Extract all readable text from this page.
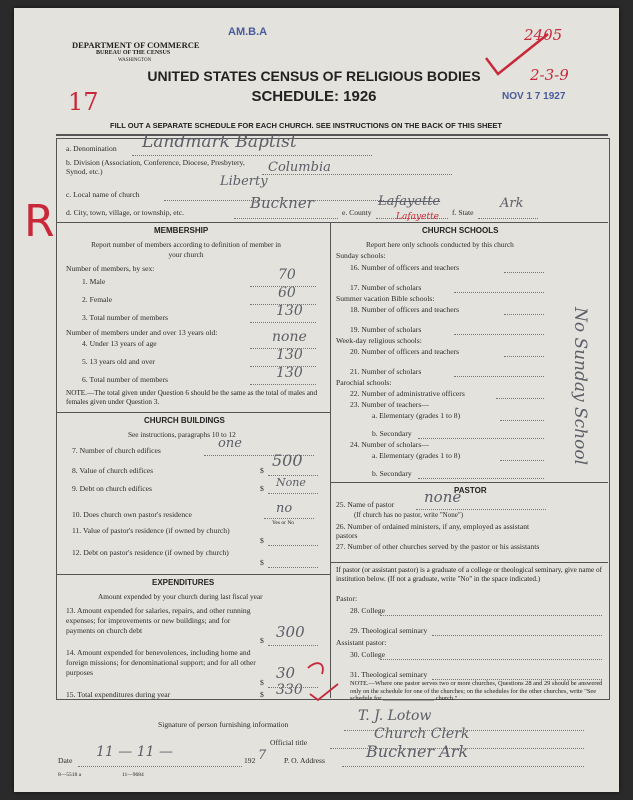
DEPARTMENT OF COMMERCE
BUREAU OF THE CENSUS
WASHINGTON
AM.B.A
NOV 1 7 1927
UNITED STATES CENSUS OF RELIGIOUS BODIES
SCHEDULE: 1926
FILL OUT A SEPARATE SCHEDULE FOR EACH CHURCH. SEE INSTRUCTIONS ON THE BACK OF THIS SHEET
17
R
2405
2-3-9
a. Denomination Landmark Baptist
b. Division (Association, Conference, Diocese, Presbytery, Synod, etc.)	Columbia
c. Local name of church
Liberty
d. City, town, village, or township, etc.
Buckner
e. County
Lafayette
Lafayette f. State
Ark
MEMBERSHIP
Report number of members according to definition of member in your church
Number of members, by sex:
1. Male	70
2. Female	60
3. Total number of members	130
Number of members under and over 13 years old:
4. Under 13 years of age	none
5. 13 years old and over	130
6. Total number of members	130
NOTE.—The total given under Question 6 should be the same as the total of males and females given under Question 3.
CHURCH BUILDINGS
See instructions, paragraphs 10 to 12
7. Number of church edifices	one
8. Value of church edifices	$
500
9. Debt on church edifices	$ None
10. Does church own pastor's residence	no
Yes or No
11. Value of pastor's residence (if owned by church)
$
12. Debt on pastor's residence (if owned by church)
$
EXPENDITURES
Amount expended by your church during last fiscal year
13. Amount expended for salaries, repairs, and other running expenses; for improvements or new buildings; and for payments on church debt
$ 300
14. Amount expended for benevolences, including home and foreign missions; for denominational support; and for all other purposes
$
30
15. Total expenditures during year	$ 330
CHURCH SCHOOLS
Report here only schools conducted by this church
Sunday schools:
16. Number of officers and teachers
17. Number of scholars
Summer vacation Bible schools:
18. Number of officers and teachers
19. Number of scholars
Week-day religious schools:
20. Number of officers and teachers
21. Number of scholars
Parochial schools:
22. Number of administrative officers
23. Number of teachers—
a. Elementary (grades 1 to 8)
b. Secondary
24. Number of scholars—
a. Elementary (grades 1 to 8)
b. Secondary
No Sunday School
PASTOR
25. Name of pastor none
(If church has no pastor, write "None")
26. Number of ordained ministers, if any, employed as assistant pastors
27. Number of other churches served by the pastor or his assistants
If pastor (or assistant pastor) is a graduate of a college or theological seminary, give name of institution below. (If not a graduate, write "No" in the space indicated.)
Pastor:
28. College
29. Theological seminary
Assistant pastor:
30. College
31. Theological seminary
NOTE.—Where one pastor serves two or more churches, Questions 28 and 29 should be answered only on the schedule for one of the churches; on the schedules for the other churches, write "See schedule for ________________ church."
Signature of person furnishing information
T. J. Lotow
Official title
Church Clerk
Date
11 — 11 —
192 7 P. O. Address	Buckner Ark
8—5518 a	11—9684
